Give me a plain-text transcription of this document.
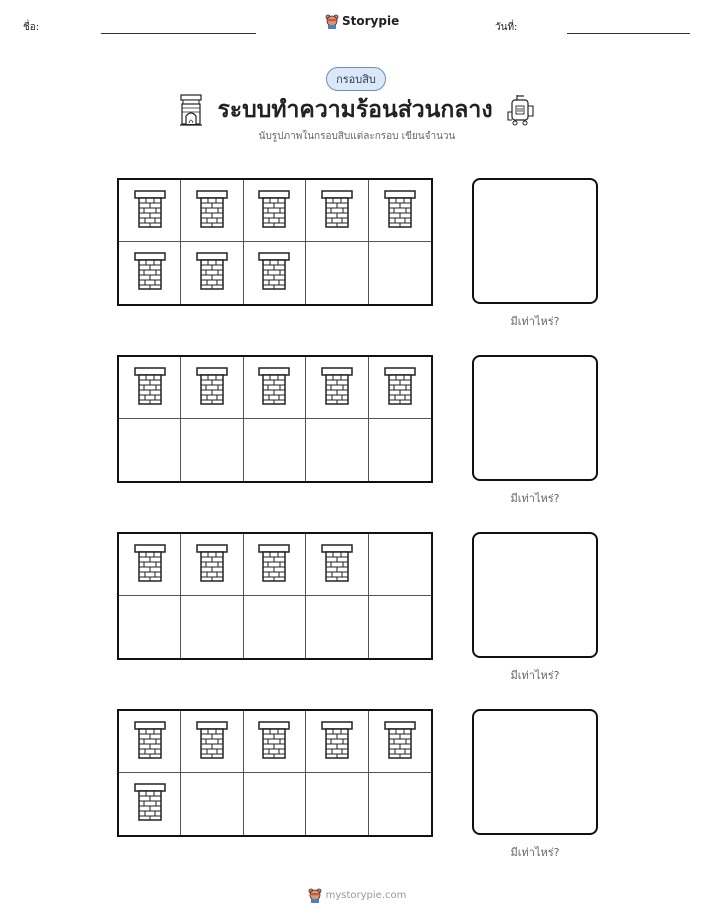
ชื่อ:	Storypie	วันที่:
กรอบสิบ
ระบบทำความร้อนส่วนกลาง
นับรูปภาพในกรอบสิบแต่ละกรอบ เขียนจำนวน
มีเท่าไหร่?
มีเท่าไหร่?
มีเท่าไหร่?
มีเท่าไหร่?
mystorypie.com
